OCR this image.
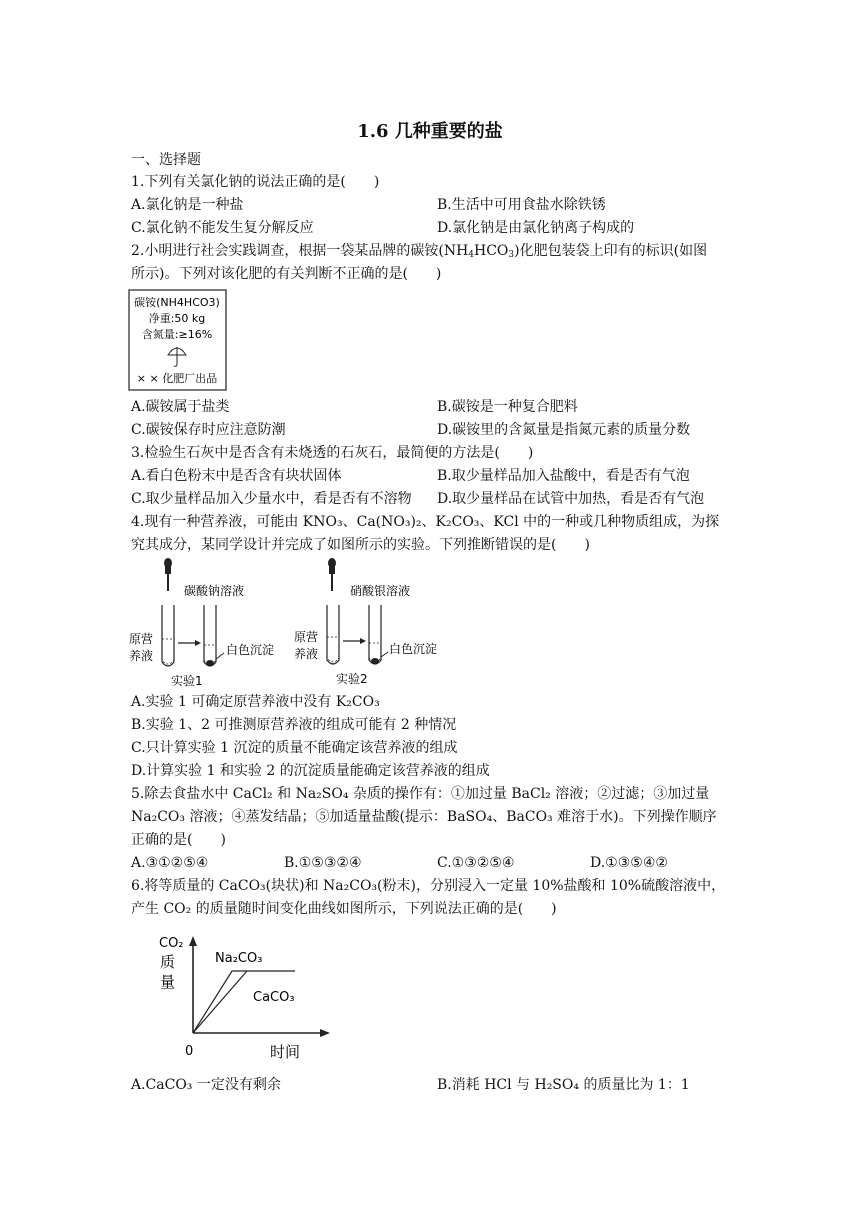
1.6 几种重要的盐
一、选择题
1.下列有关氯化钠的说法正确的是(　　)
A.氯化钠是一种盐	B.生活中可用食盐水除铁锈
C.氯化钠不能发生复分解反应	D.氯化钠是由氯化钠离子构成的
2.小明进行社会实践调查，根据一袋某品牌的碳铵$(NH_4HCO_3)$化肥包装袋上印有的标识(如图
所示)。下列对该化肥的有关判断不正确的是(　　)
碳铵(NH4HCO3)
净重:50 kg
含氮量:≥16%
× × 化肥厂出品
A.碳铵属于盐类	B.碳铵是一种复合肥料
C.碳铵保存时应注意防潮	D.碳铵里的含氮量是指氮元素的质量分数
3.检验生石灰中是否含有未烧透的石灰石，最简便的方法是(　　)
A.看白色粉末中是否含有块状固体	B.取少量样品加入盐酸中，看是否有气泡
C.取少量样品加入少量水中，看是否有不溶物 D.取少量样品在试管中加热，看是否有气泡
4.现有一种营养液，可能由 KNO₃、Ca(NO₃)₂、K₂CO₃、KCl 中的一种或几种物质组成，为探
究其成分，某同学设计并完成了如图所示的实验。下列推断错误的是(　　)
碳酸钠溶液
原营
养液	白色沉淀
实验1
硝酸银溶液
原营
养液	白色沉淀
实验2
A.实验 1 可确定原营养液中没有 K₂CO₃
B.实验 1、2 可推测原营养液的组成可能有 2 种情况
C.只计算实验 1 沉淀的质量不能确定该营养液的组成
D.计算实验 1 和实验 2 的沉淀质量能确定该营养液的组成
5.除去食盐水中 CaCl₂ 和 Na₂SO₄ 杂质的操作有：①加过量 BaCl₂ 溶液；②过滤；③加过量
Na₂CO₃ 溶液；④蒸发结晶；⑤加适量盐酸(提示：BaSO₄、BaCO₃ 难溶于水)。下列操作顺序
正确的是(　　)
A.③①②⑤④	B.①⑤③②④	C.①③②⑤④	D.①③⑤④②
6.将等质量的 CaCO₃(块状)和 Na₂CO₃(粉末)，分别浸入一定量 10%盐酸和 10%硫酸溶液中，
产生 CO₂ 的质量随时间变化曲线如图所示，下列说法正确的是(　　)
CO₂
质
量
Na₂CO₃
CaCO₃
0	时间
A.CaCO₃ 一定没有剩余	B.消耗 HCl 与 H₂SO₄ 的质量比为 1：1
